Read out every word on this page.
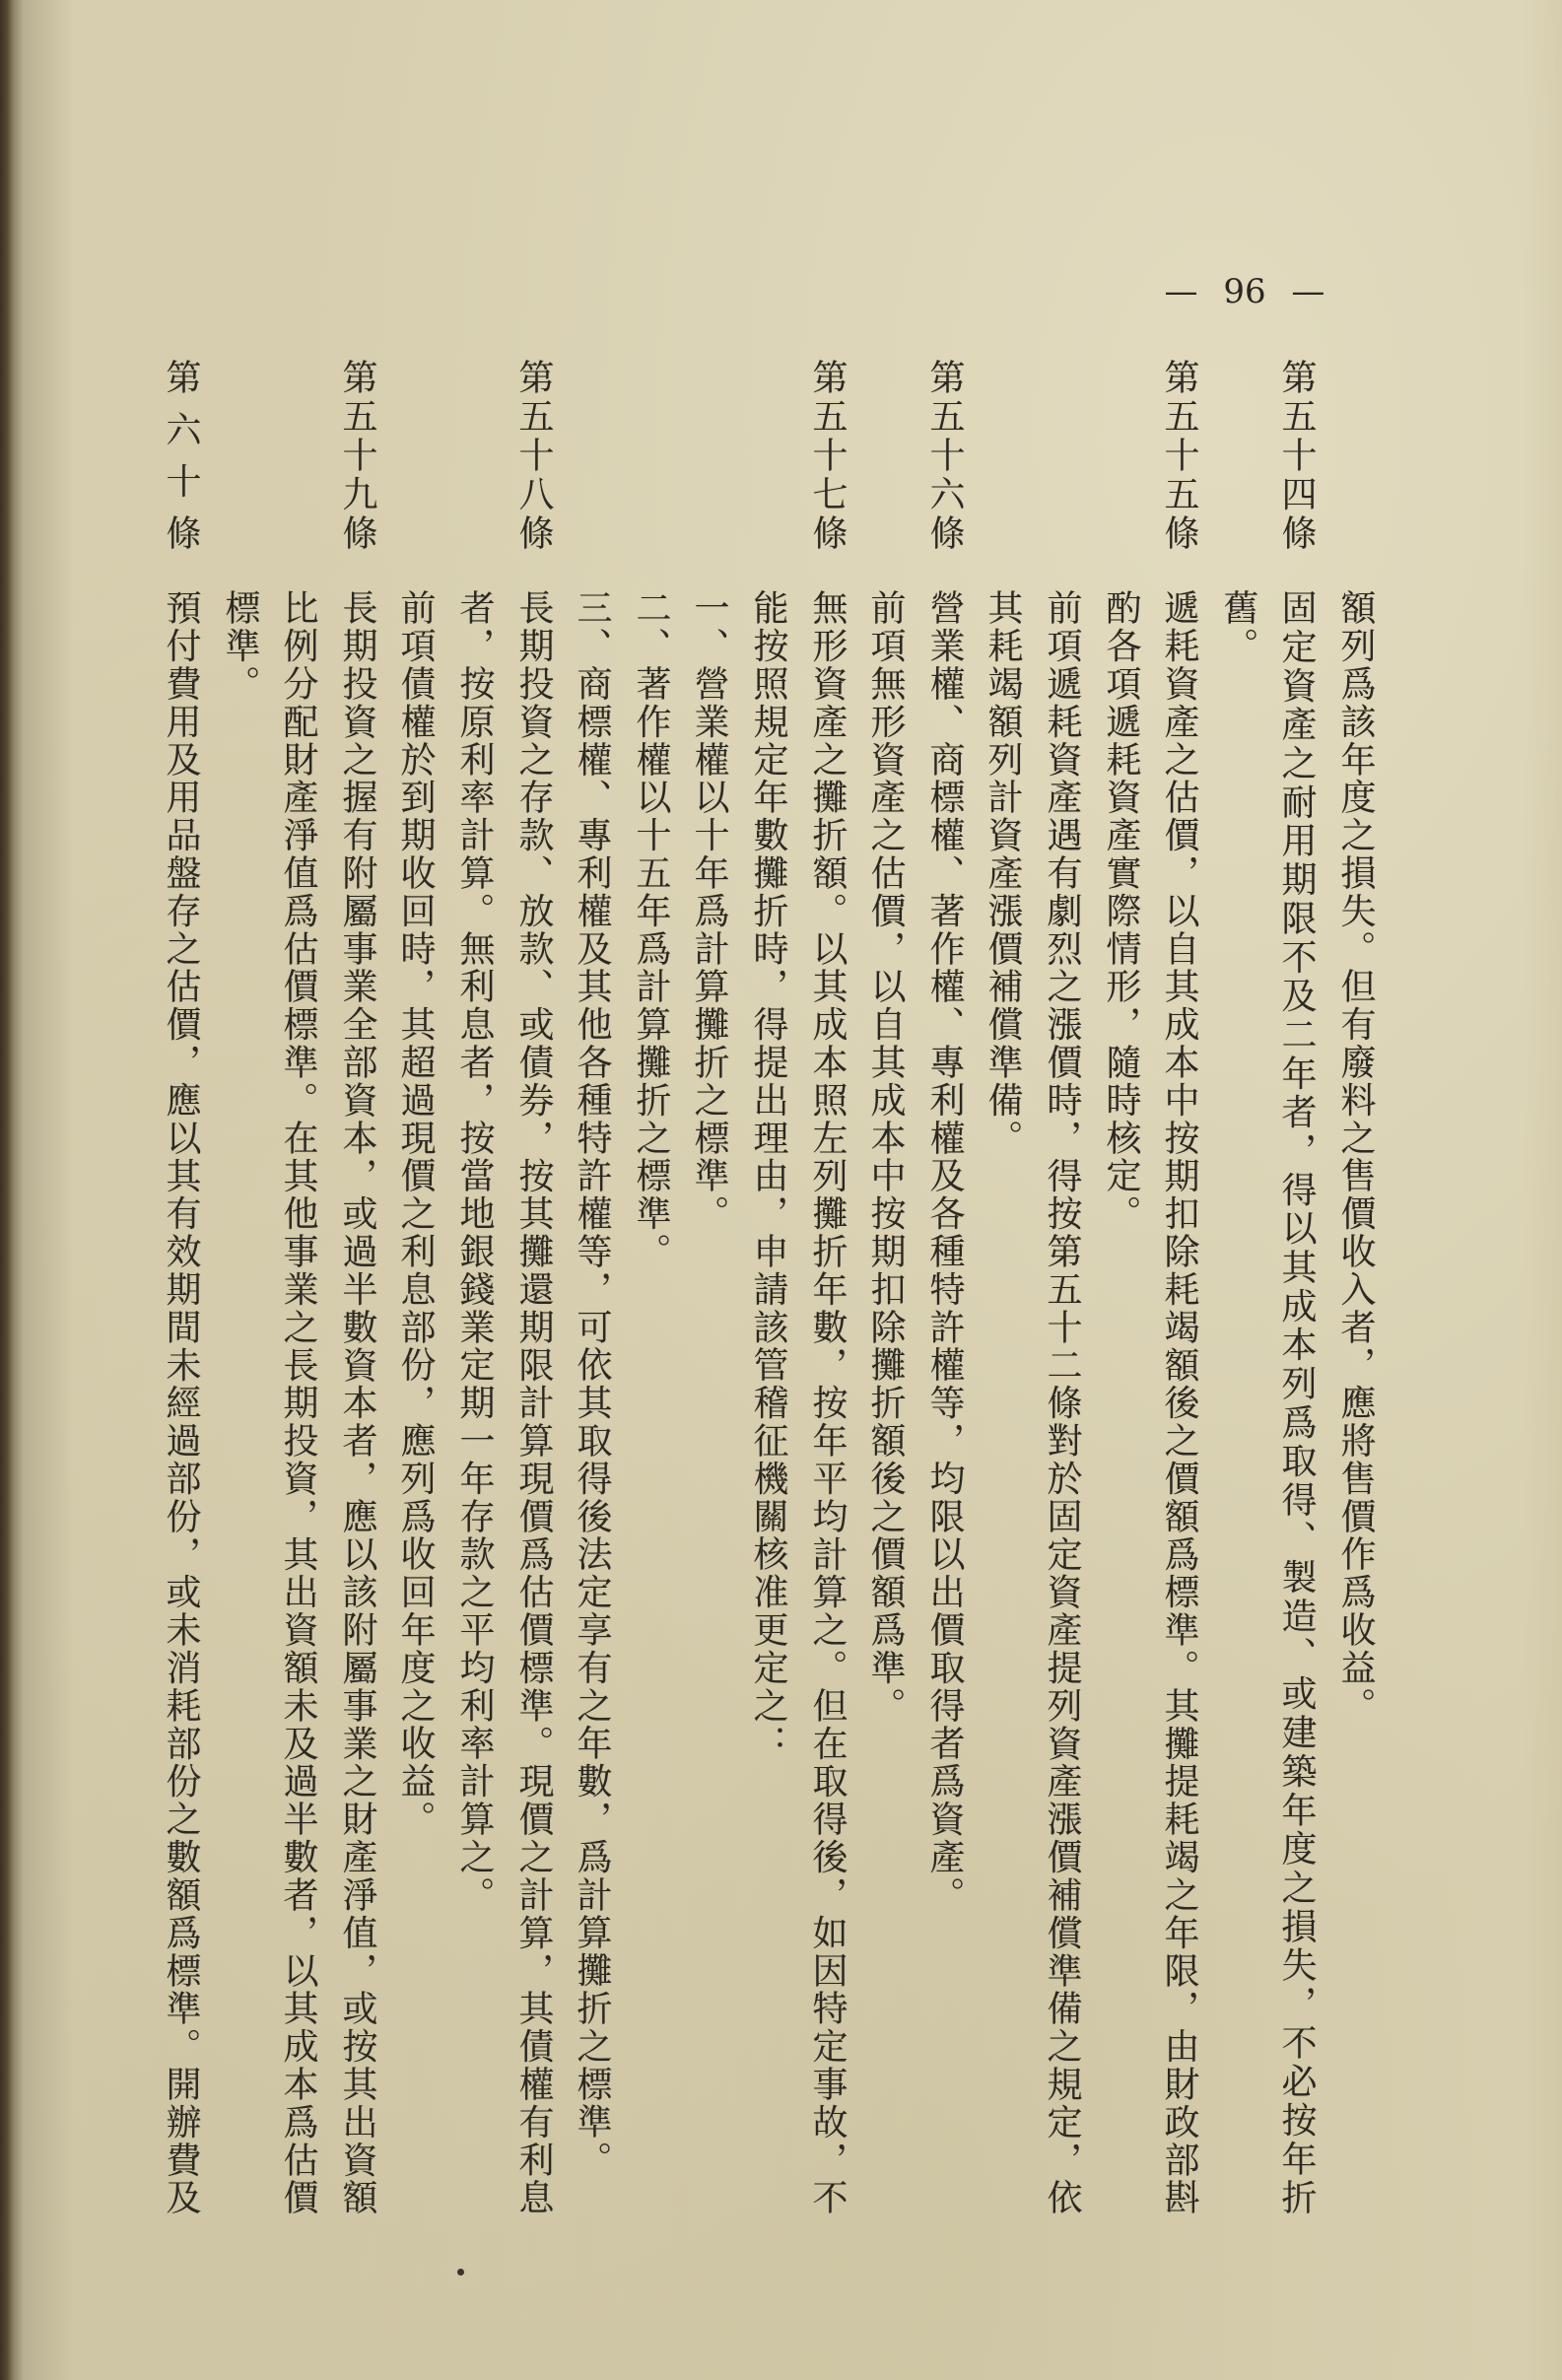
— 96 —
額列爲該年度之損失。但有廢料之售價收入者，應將售價作爲收益。
第五十四條
固定資產之耐用期限不及二年者，得以其成本列爲取得、製造、或建築年度之損失，不必按年折
舊。
第五十五條
遞耗資產之估價，以自其成本中按期扣除耗竭額後之價額爲標準。其攤提耗竭之年限，由財政部斟
酌各項遞耗資產實際情形，隨時核定。
前項遞耗資產遇有劇烈之漲價時，得按第五十二條對於固定資產提列資產漲價補償準備之規定，依
其耗竭額列計資產漲價補償準備。
第五十六條
營業權、商標權、著作權、專利權及各種特許權等，均限以出價取得者爲資產。
前項無形資產之估價，以自其成本中按期扣除攤折額後之價額爲準。
第五十七條
無形資產之攤折額。以其成本照左列攤折年數，按年平均計算之。但在取得後，如因特定事故，不
能按照規定年數攤折時，得提出理由，申請該管稽征機關核准更定之：
一、營業權以十年爲計算攤折之標準。
二、著作權以十五年爲計算攤折之標準。
三、商標權、專利權及其他各種特許權等，可依其取得後法定享有之年數，爲計算攤折之標準。
第五十八條
長期投資之存款、放款、或債券，按其攤還期限計算現價爲估價標準。現價之計算，其債權有利息
者，按原利率計算。無利息者，按當地銀錢業定期一年存款之平均利率計算之。
前項債權於到期收回時，其超過現價之利息部份，應列爲收回年度之收益。
第五十九條
長期投資之握有附屬事業全部資本，或過半數資本者，應以該附屬事業之財產淨值，或按其出資額
比例分配財產淨值爲估價標準。在其他事業之長期投資，其出資額未及過半數者，以其成本爲估價
標準。
第六十條
預付費用及用品盤存之估價，應以其有效期間未經過部份，或未消耗部份之數額爲標準。開辦費及
